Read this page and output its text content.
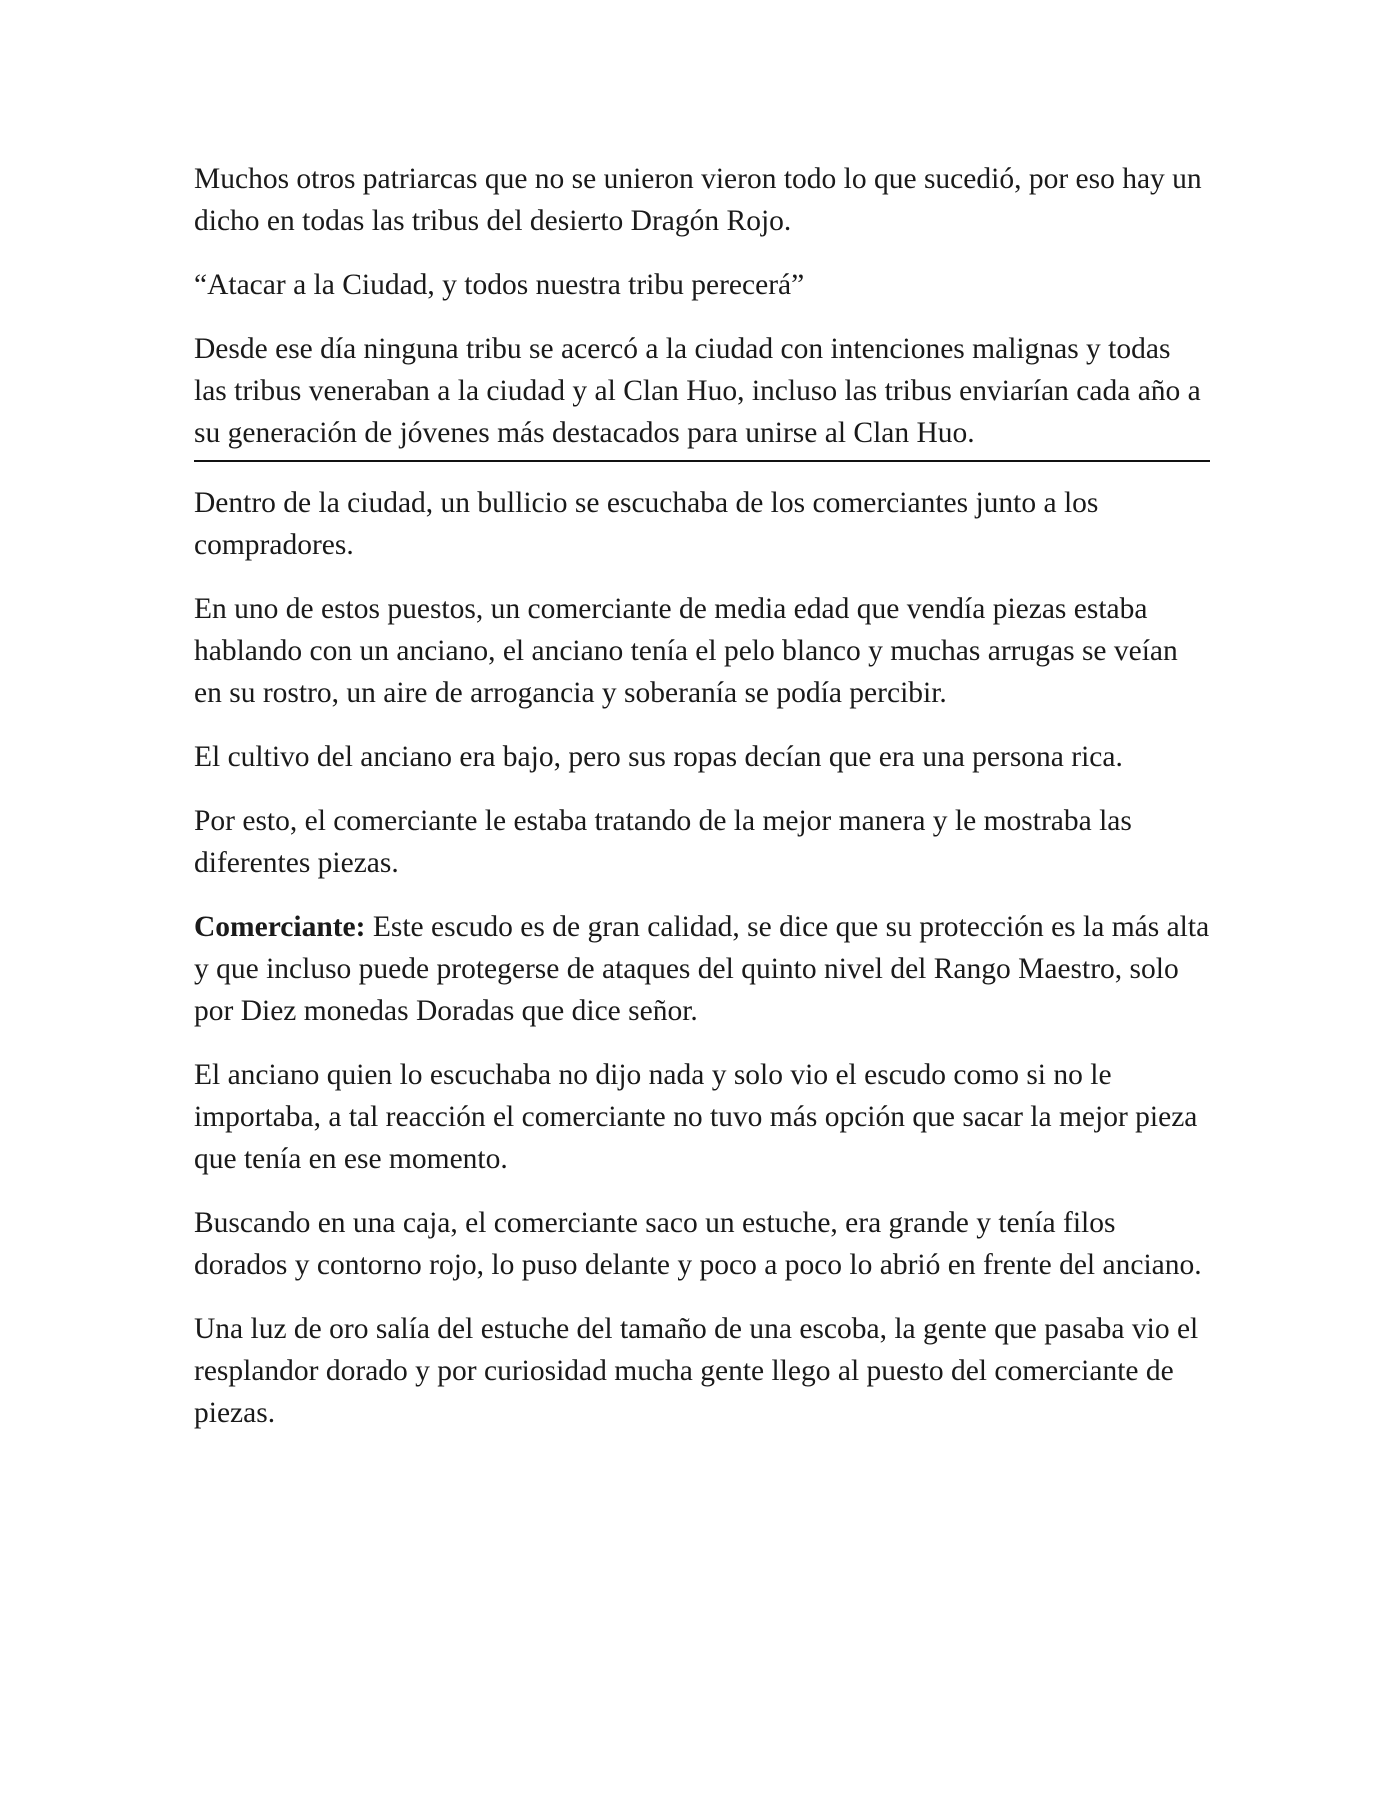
Muchos otros patriarcas que no se unieron vieron todo lo que sucedió, por eso hay un dicho en todas las tribus del desierto Dragón Rojo.

“Atacar a la Ciudad, y todos nuestra tribu perecerá”

Desde ese día ninguna tribu se acercó a la ciudad con intenciones malignas y todas las tribus veneraban a la ciudad y al Clan Huo, incluso las tribus enviarían cada año a su generación de jóvenes más destacados para unirse al Clan Huo.

Dentro de la ciudad, un bullicio se escuchaba de los comerciantes junto a los compradores.

En uno de estos puestos, un comerciante de media edad que vendía piezas estaba hablando con un anciano, el anciano tenía el pelo blanco y muchas arrugas se veían en su rostro, un aire de arrogancia y soberanía se podía percibir.

El cultivo del anciano era bajo, pero sus ropas decían que era una persona rica.

Por esto, el comerciante le estaba tratando de la mejor manera y le mostraba las diferentes piezas.

Comerciante: Este escudo es de gran calidad, se dice que su protección es la más alta y que incluso puede protegerse de ataques del quinto nivel del Rango Maestro, solo por Diez monedas Doradas que dice señor.

El anciano quien lo escuchaba no dijo nada y solo vio el escudo como si no le importaba, a tal reacción el comerciante no tuvo más opción que sacar la mejor pieza que tenía en ese momento.

Buscando en una caja, el comerciante saco un estuche, era grande y tenía filos dorados y contorno rojo, lo puso delante y poco a poco lo abrió en frente del anciano.

Una luz de oro salía del estuche del tamaño de una escoba, la gente que pasaba vio el resplandor dorado y por curiosidad mucha gente llego al puesto del comerciante de piezas.
